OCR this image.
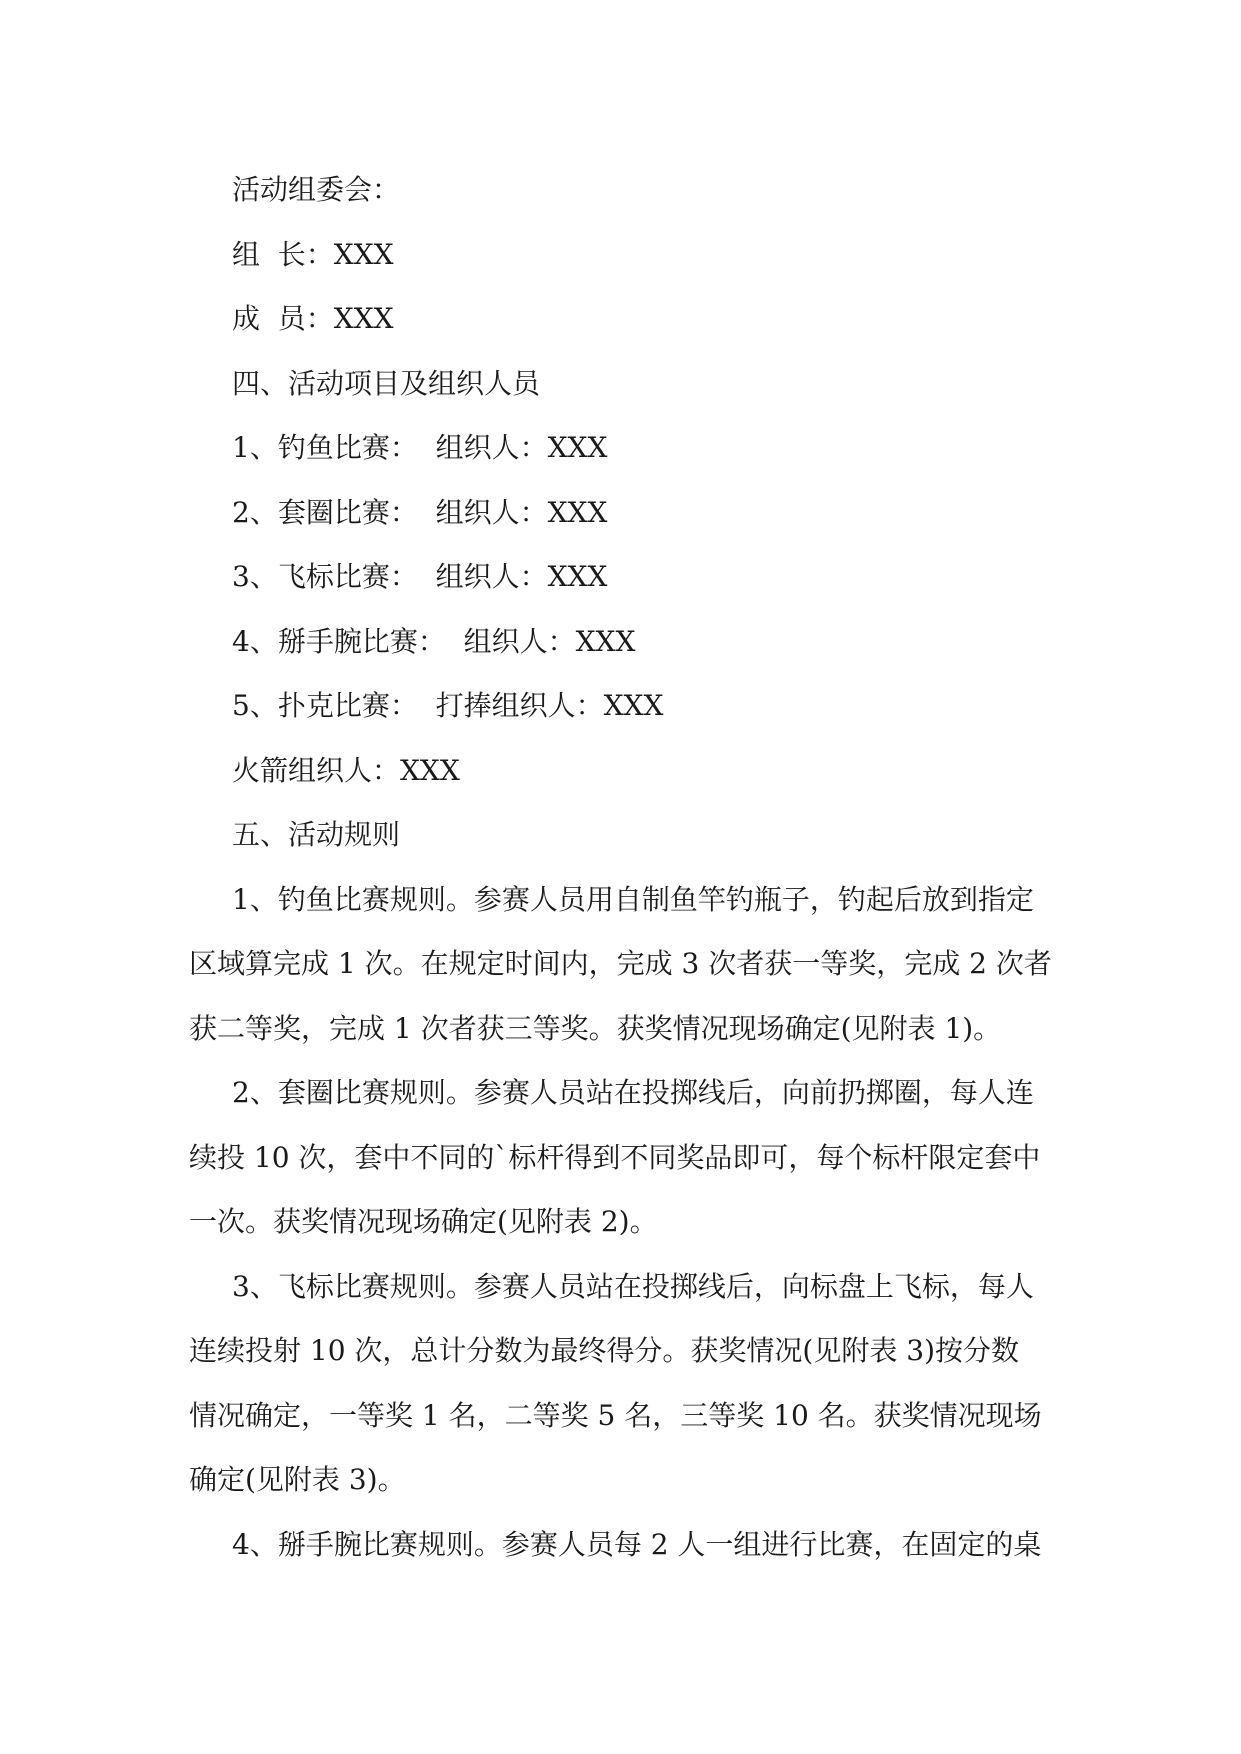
活动组委会：
组  长：XXX
成  员：XXX
四、活动项目及组织人员
1、钓鱼比赛：  组织人：XXX
2、套圈比赛：  组织人：XXX
3、飞标比赛：  组织人：XXX
4、掰手腕比赛：  组织人：XXX
5、扑克比赛：  打捧组织人：XXX
火箭组织人：XXX
五、活动规则
1、钓鱼比赛规则。参赛人员用自制鱼竿钓瓶子，钓起后放到指定
区域算完成 1 次。在规定时间内，完成 3 次者获一等奖，完成 2 次者
获二等奖，完成 1 次者获三等奖。获奖情况现场确定(见附表 1)。
2、套圈比赛规则。参赛人员站在投掷线后，向前扔掷圈，每人连
续投 10 次，套中不同的`标杆得到不同奖品即可，每个标杆限定套中
一次。获奖情况现场确定(见附表 2)。
3、飞标比赛规则。参赛人员站在投掷线后，向标盘上飞标，每人
连续投射 10 次，总计分数为最终得分。获奖情况(见附表 3)按分数
情况确定，一等奖 1 名，二等奖 5 名，三等奖 10 名。获奖情况现场
确定(见附表 3)。
4、掰手腕比赛规则。参赛人员每 2 人一组进行比赛，在固定的桌
